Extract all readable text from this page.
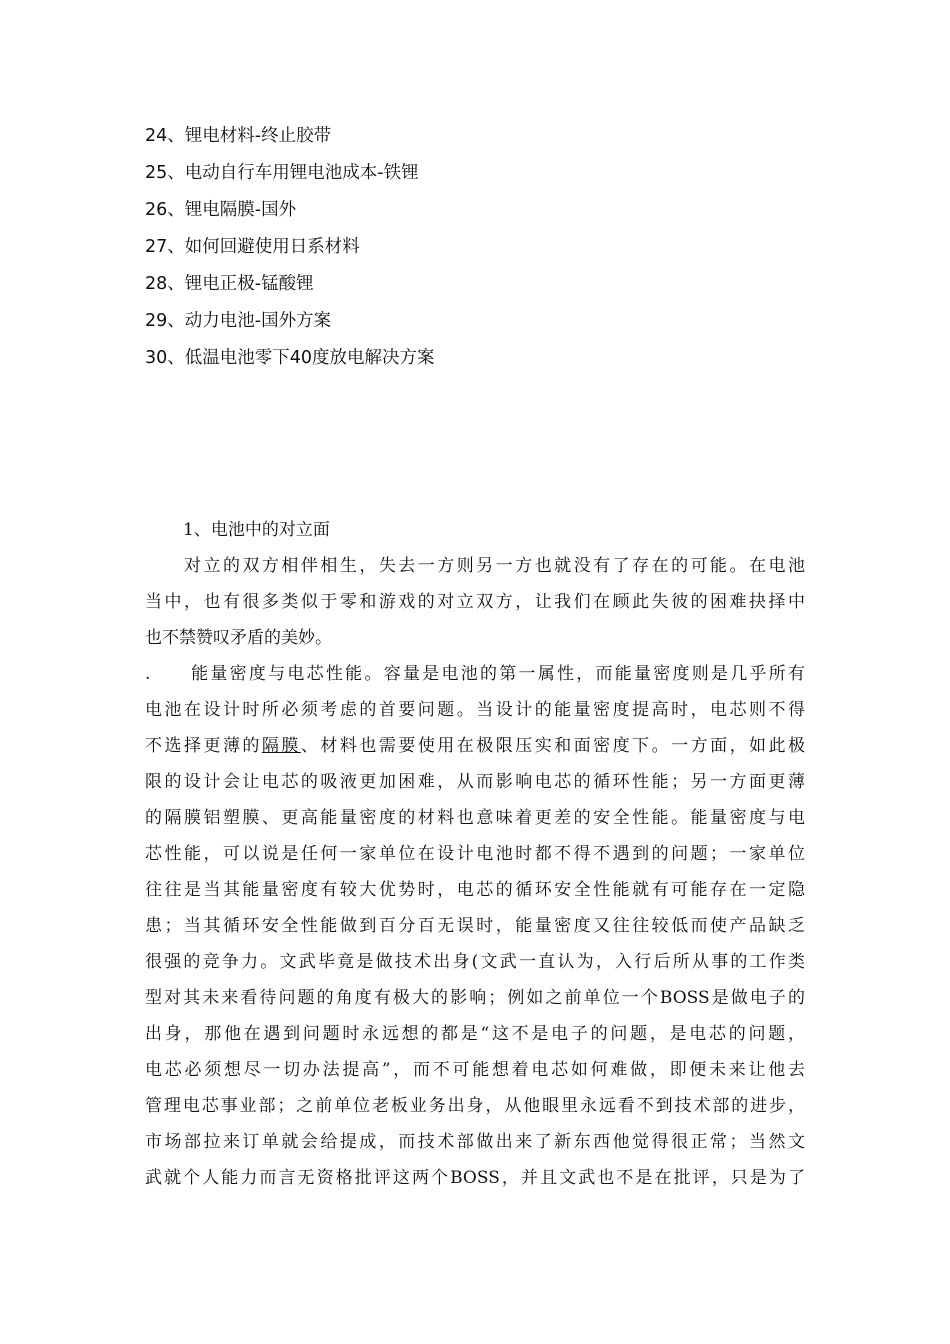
24、锂电材料-终止胶带
25、电动自行车用锂电池成本-铁锂
26、锂电隔膜-国外
27、如何回避使用日系材料
28、锂电正极-锰酸锂
29、动力电池-国外方案
30、低温电池零下40度放电解决方案
1、电池中的对立面
　　对立的双方相伴相生，失去一方则另一方也就没有了存在的可能。在电池
当中，也有很多类似于零和游戏的对立双方，让我们在顾此失彼的困难抉择中
也不禁赞叹矛盾的美妙。
.　　能量密度与电芯性能。容量是电池的第一属性，而能量密度则是几乎所有
电池在设计时所必须考虑的首要问题。当设计的能量密度提高时，电芯则不得
不选择更薄的隔膜、材料也需要使用在极限压实和面密度下。一方面，如此极
限的设计会让电芯的吸液更加困难，从而影响电芯的循环性能；另一方面更薄
的隔膜铝塑膜、更高能量密度的材料也意味着更差的安全性能。能量密度与电
芯性能，可以说是任何一家单位在设计电池时都不得不遇到的问题；一家单位
往往是当其能量密度有较大优势时，电芯的循环安全性能就有可能存在一定隐
患；当其循环安全性能做到百分百无误时，能量密度又往往较低而使产品缺乏
很强的竞争力。文武毕竟是做技术出身(文武一直认为，入行后所从事的工作类
型对其未来看待问题的角度有极大的影响；例如之前单位一个BOSS是做电子的
出身，那他在遇到问题时永远想的都是“这不是电子的问题，是电芯的问题，
电芯必须想尽一切办法提高”，而不可能想着电芯如何难做，即便未来让他去
管理电芯事业部；之前单位老板业务出身，从他眼里永远看不到技术部的进步，
市场部拉来订单就会给提成，而技术部做出来了新东西他觉得很正常；当然文
武就个人能力而言无资格批评这两个BOSS，并且文武也不是在批评，只是为了
